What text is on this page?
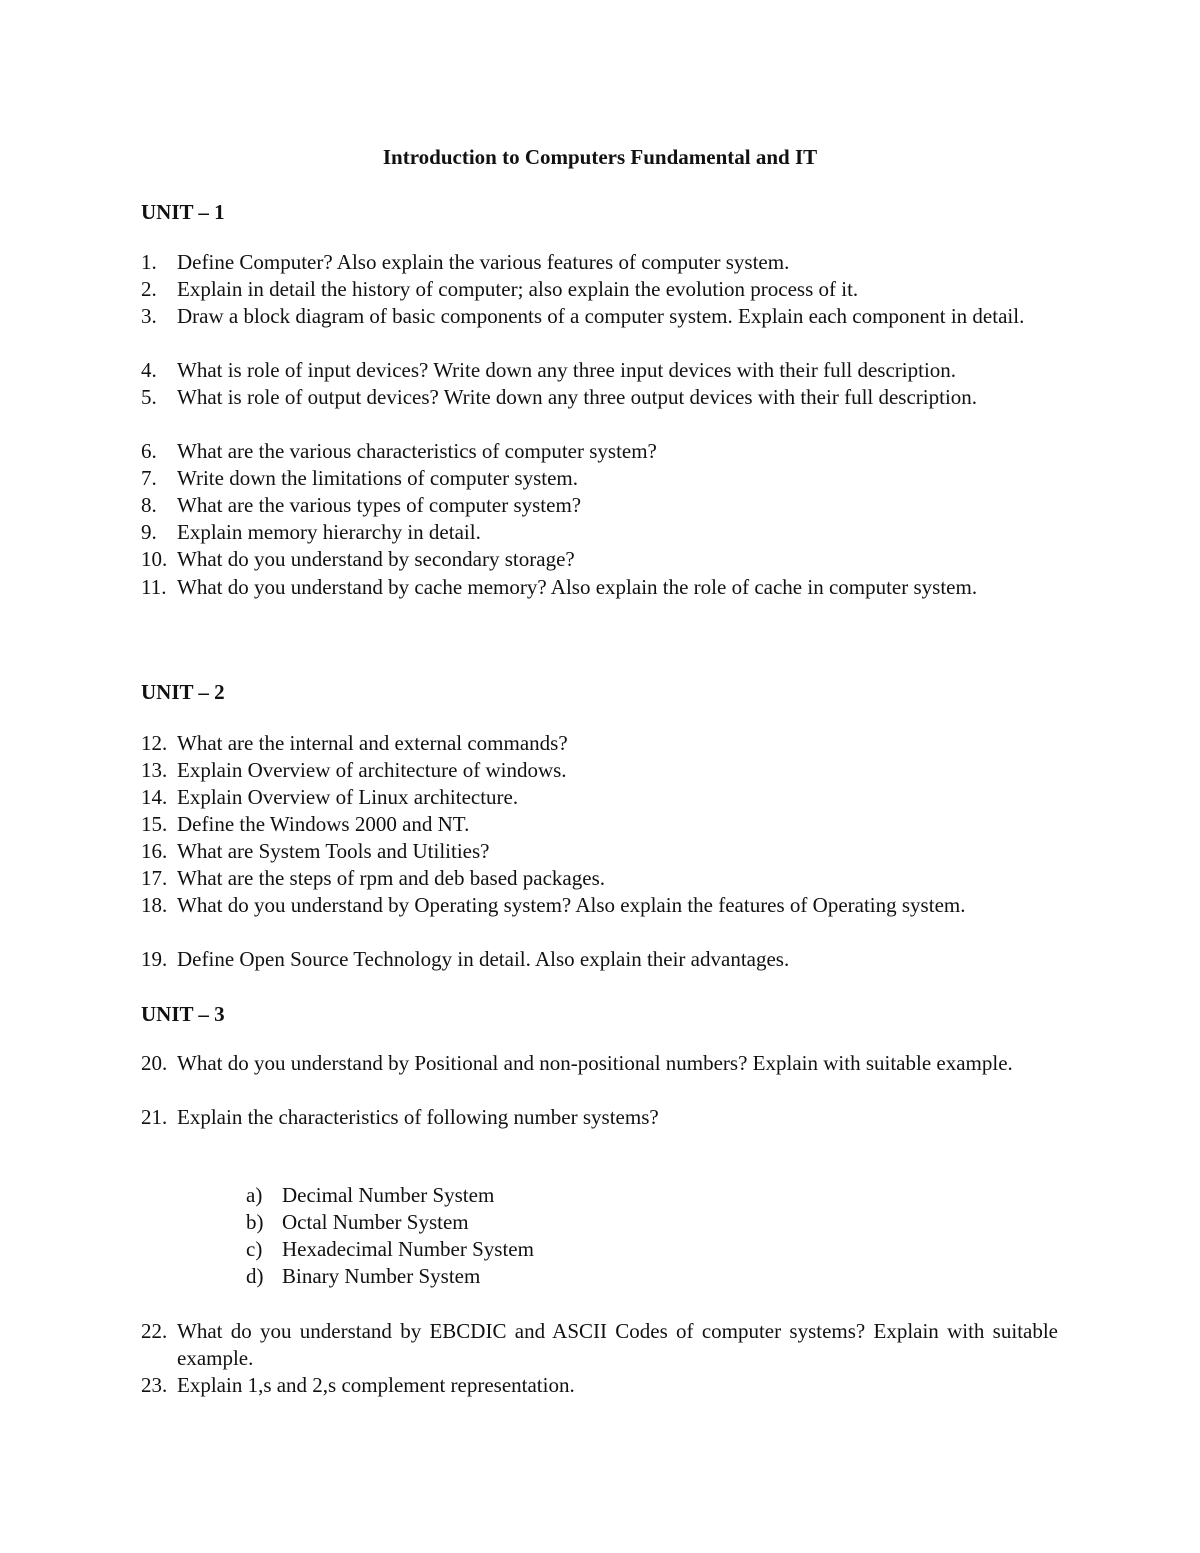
Introduction to Computers Fundamental and IT
UNIT – 1
1. Define Computer? Also explain the various features of computer system.
2. Explain in detail the history of computer; also explain the evolution process of it.
3. Draw a block diagram of basic components of a computer system. Explain each component in detail.
4. What is role of input devices? Write down any three input devices with their full description.
5. What is role of output devices? Write down any three output devices with their full description.
6. What are the various characteristics of computer system?
7. Write down the limitations of computer system.
8. What are the various types of computer system?
9. Explain memory hierarchy in detail.
10. What do you understand by secondary storage?
11. What do you understand by cache memory? Also explain the role of cache in computer system.
UNIT – 2
12. What are the internal and external commands?
13. Explain Overview of architecture of windows.
14. Explain Overview of Linux architecture.
15. Define the Windows 2000 and NT.
16. What are System Tools and Utilities?
17. What are the steps of rpm and deb based packages.
18. What do you understand by Operating system? Also explain the features of Operating system.
19. Define Open Source Technology in detail. Also explain their advantages.
UNIT – 3
20. What do you understand by Positional and non-positional numbers? Explain with suitable example.
21. Explain the characteristics of following number systems?
a) Decimal Number System
b) Octal Number System
c) Hexadecimal Number System
d) Binary Number System
22. What do you understand by EBCDIC and ASCII Codes of computer systems? Explain with suitable example.
23. Explain 1,s and 2,s complement representation.
